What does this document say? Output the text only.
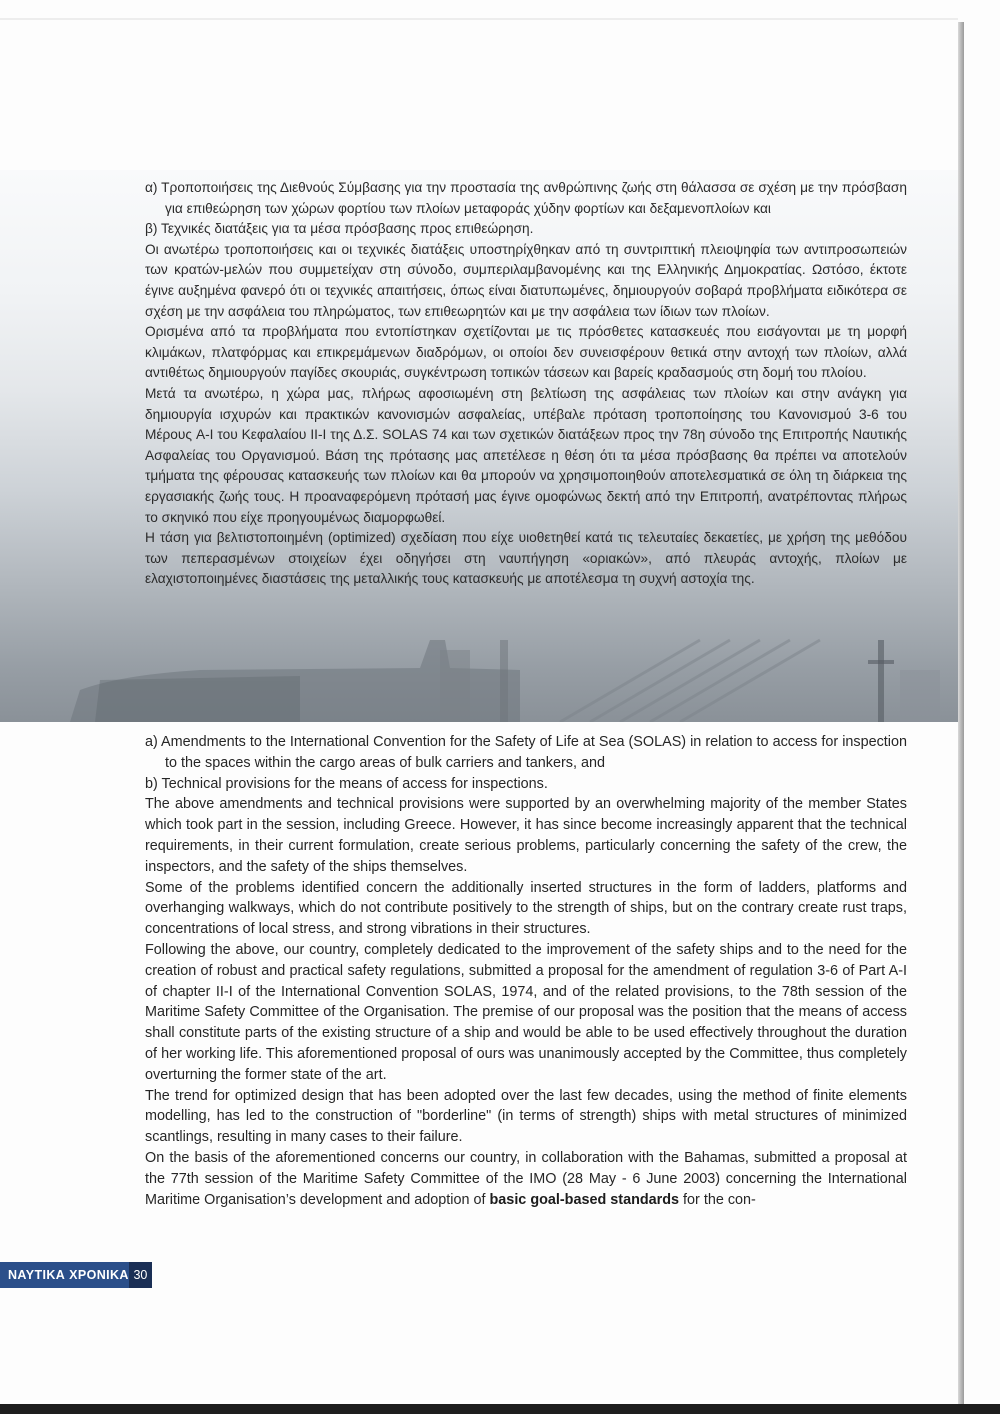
α) Τροποποιήσεις της Διεθνούς Σύμβασης για την προστασία της ανθρώπινης ζωής στη θάλασσα σε σχέση με την πρόσβαση για επιθεώρηση των χώρων φορτίου των πλοίων μεταφοράς χύδην φορτίων και δεξαμενοπλοίων και

β) Τεχνικές διατάξεις για τα μέσα πρόσβασης προς επιθεώρηση.

Οι ανωτέρω τροποποιήσεις και οι τεχνικές διατάξεις υποστηρίχθηκαν από τη συντριπτική πλειοψηφία των αντιπροσωπειών των κρατών-μελών που συμμετείχαν στη σύνοδο, συμπεριλαμβανομένης και της Ελληνικής Δημοκρατίας. Ωστόσο, έκτοτε έγινε αυξημένα φανερό ότι οι τεχνικές απαιτήσεις, όπως είναι διατυπωμένες, δημιουργούν σοβαρά προβλήματα ειδικότερα σε σχέση με την ασφάλεια του πληρώματος, των επιθεωρητών και με την ασφάλεια των ίδιων των πλοίων.

Ορισμένα από τα προβλήματα που εντοπίστηκαν σχετίζονται με τις πρόσθετες κατασκευές που εισάγονται με τη μορφή κλιμάκων, πλατφόρμας και επικρεμάμενων διαδρόμων, οι οποίοι δεν συνεισφέρουν θετικά στην αντοχή των πλοίων, αλλά αντιθέτως δημιουργούν παγίδες σκουριάς, συγκέντρωση τοπικών τάσεων και βαρείς κραδασμούς στη δομή του πλοίου.

Μετά τα ανωτέρω, η χώρα μας, πλήρως αφοσιωμένη στη βελτίωση της ασφάλειας των πλοίων και στην ανάγκη για δημιουργία ισχυρών και πρακτικών κανονισμών ασφαλείας, υπέβαλε πρόταση τροποποίησης του Κανονισμού 3-6 του Μέρους A-I του Κεφαλαίου II-I της Δ.Σ. SOLAS 74 και των σχετικών διατάξεων προς την 78η σύνοδο της Επιτροπής Ναυτικής Ασφαλείας του Οργανισμού. Βάση της πρότασης μας απετέλεσε η θέση ότι τα μέσα πρόσβασης θα πρέπει να αποτελούν τμήματα της φέρουσας κατασκευής των πλοίων και θα μπορούν να χρησιμοποιηθούν αποτελεσματικά σε όλη τη διάρκεια της εργασιακής ζωής τους. Η προαναφερόμενη πρότασή μας έγινε ομοφώνως δεκτή από την Επιτροπή, ανατρέποντας πλήρως το σκηνικό που είχε προηγουμένως διαμορφωθεί.

Η τάση για βελτιστοποιημένη (optimized) σχεδίαση που είχε υιοθετηθεί κατά τις τελευταίες δεκαετίες, με χρήση της μεθόδου των πεπερασμένων στοιχείων έχει οδηγήσει στη ναυπήγηση «οριακών», από πλευράς αντοχής, πλοίων με ελαχιστοποιημένες διαστάσεις της μεταλλικής τους κατασκευής με αποτέλεσμα τη συχνή αστοχία της.

a) Amendments to the International Convention for the Safety of Life at Sea (SOLAS) in relation to access for inspection to the spaces within the cargo areas of bulk carriers and tankers, and

b) Technical provisions for the means of access for inspections.

The above amendments and technical provisions were supported by an overwhelming majority of the member States which took part in the session, including Greece. However, it has since become increasingly apparent that the technical requirements, in their current formulation, create serious problems, particularly concerning the safety of the crew, the inspectors, and the safety of the ships themselves.

Some of the problems identified concern the additionally inserted structures in the form of ladders, platforms and overhanging walkways, which do not contribute positively to the strength of ships, but on the contrary create rust traps, concentrations of local stress, and strong vibrations in their structures.

Following the above, our country, completely dedicated to the improvement of the safety ships and to the need for the creation of robust and practical safety regulations, submitted a proposal for the amendment of regulation 3-6 of Part A-I of chapter II-I of the International Convention SOLAS, 1974, and of the related provisions, to the 78th session of the Maritime Safety Committee of the Organisation. The premise of our proposal was the position that the means of access shall constitute parts of the existing structure of a ship and would be able to be used effectively throughout the duration of her working life. This aforementioned proposal of ours was unanimously accepted by the Committee, thus completely overturning the former state of the art.

The trend for optimized design that has been adopted over the last few decades, using the method of finite elements modelling, has led to the construction of "borderline" (in terms of strength) ships with metal structures of minimized scantlings, resulting in many cases to their failure.

On the basis of the aforementioned concerns our country, in collaboration with the Bahamas, submitted a proposal at the 77th session of the Maritime Safety Committee of the IMO (28 May - 6 June 2003) concerning the International Maritime Organisation’s development and adoption of basic goal-based standards for the con-

ΝΑΥΤΙΚΑ ΧΡΟΝΙΚΑ 30
